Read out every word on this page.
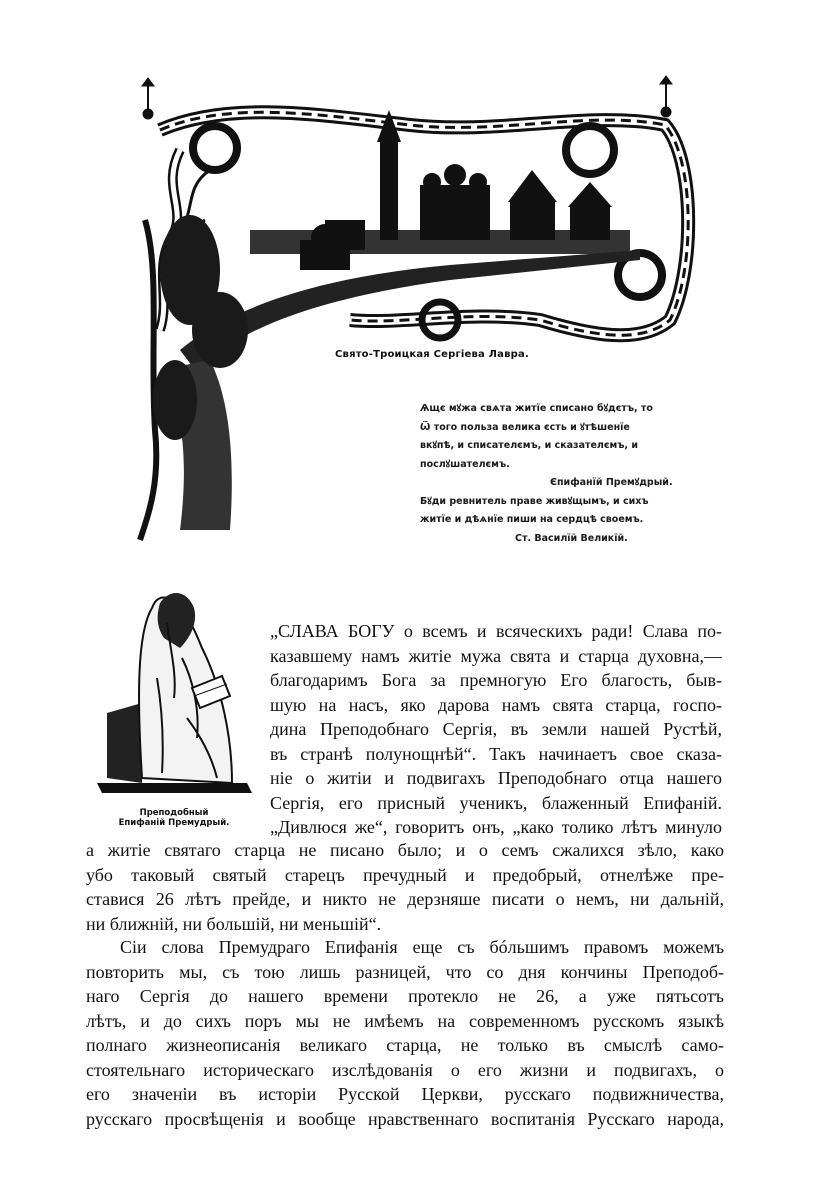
Свято-Троицкая Сергіева Лавра.
Ѧщє мꙋжа свѧта житїе списано бꙋдєтъ, то
Ѿ того польза велика єсть и ꙋтѣшенїе
вкꙋпѣ, и списателємъ, и сказателємъ, и
послꙋшателємъ.
Єпифанїй Премꙋдрый.
Бꙋди ревнитель праве живꙋщымъ, и сихъ
житїе и дѣѧнїе пиши на сердцѣ своемъ.
Ст. Василїй Великїй.
Преподобный
Епифаній Премудрый.
„СЛАВА БОГУ о всемъ и всяческихъ ради! Слава по-
казавшему намъ житіе мужа свята и старца духовна,—
благодаримъ Бога за премногую Его благость, быв-
шую на насъ, яко дарова намъ свята старца, госпо-
дина Преподобнаго Сергія, въ земли нашей Рустѣй,
въ странѣ полунощнѣй“. Такъ начинаетъ свое сказа-
ніе о житіи и подвигахъ Преподобнаго отца нашего
Сергія, его присный ученикъ, блаженный Епифаній.
„Дивлюся же“, говоритъ онъ, „како толико лѣтъ минуло
а житіе святаго старца не писано было; и о семъ сжалихся зѣло, како
убо таковый святый старецъ пречудный и предобрый, отнелѣже пре-
ставися 26 лѣтъ прейде, и никто не дерзняше писати о немъ, ни дальній,
ни ближній, ни большій, ни меньшій“.
Сіи слова Премудраго Епифанія еще съ бóльшимъ правомъ можемъ
повторить мы, съ тою лишь разницей, что со дня кончины Преподоб-
наго Сергія до нашего времени протекло не 26, а уже пятьсотъ
лѣтъ, и до сихъ поръ мы не имѣемъ на современномъ русскомъ языкѣ
полнаго жизнеописанія великаго старца, не только въ смыслѣ само-
стоятельнаго историческаго изслѣдованія о его жизни и подвигахъ, о
его значеніи въ исторіи Русской Церкви, русскаго подвижничества,
русскаго просвѣщенія и вообще нравственнаго воспитанія Русскаго народа,
